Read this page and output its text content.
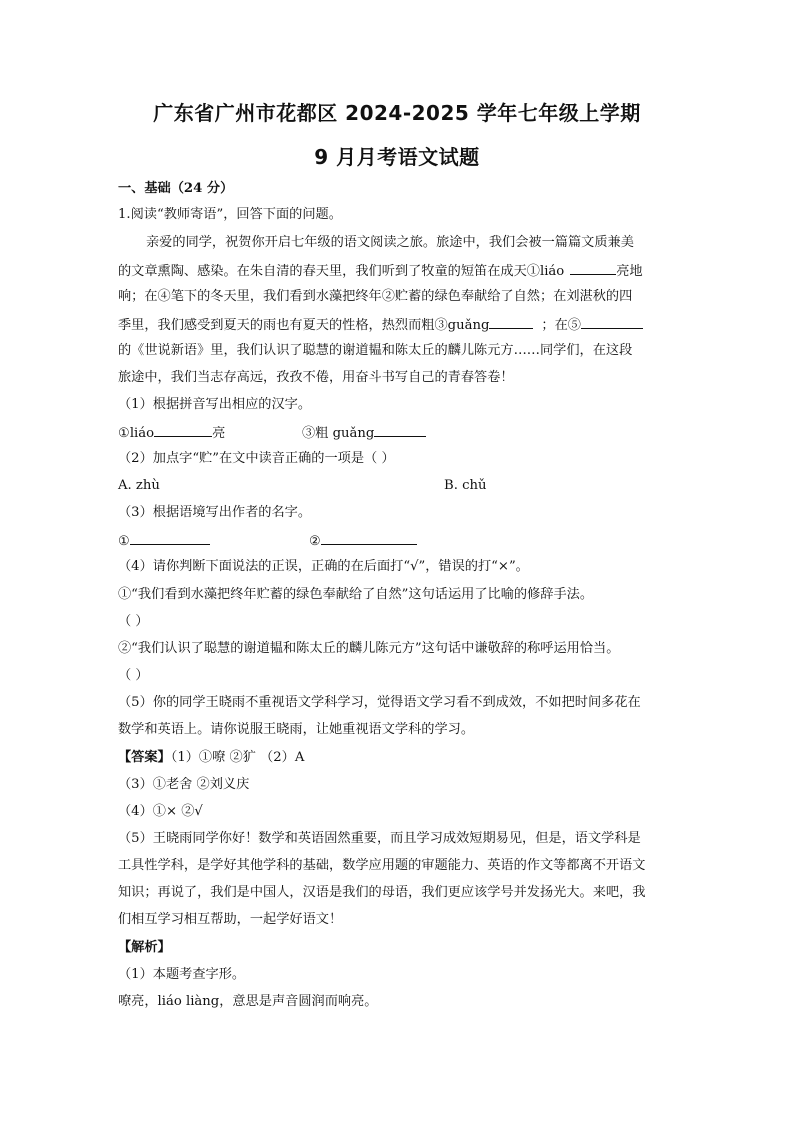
广东省广州市花都区 2024-2025 学年七年级上学期
9 月月考语文试题
一、基础（24 分）
1.阅读“教师寄语”，回答下面的问题。
亲爱的同学，祝贺你开启七年级的语文阅读之旅。旅途中，我们会被一篇篇文质兼美
的文章熏陶、感染。在朱自清的春天里，我们听到了牧童的短笛在成天①liáo	亮地
响；在④笔下的冬天里，我们看到水藻把终年②贮蓄的绿色奉献给了自然；在刘湛秋的四
季里，我们感受到夏天的雨也有夏天的性格，热烈而粗③guǎng	；在⑤
的《世说新语》里，我们认识了聪慧的谢道韫和陈太丘的麟儿陈元方……同学们，在这段
旅途中，我们当志存高远，孜孜不倦，用奋斗书写自己的青春答卷！
（1）根据拼音写出相应的汉字。
①liáo	亮	③粗 guǎng
（2）加点字“贮”在文中读音正确的一项是（ ）
A. zhù	B. chǔ
（3）根据语境写出作者的名字。
①	②
（4）请你判断下面说法的正误，正确的在后面打“√”，错误的打“×”。
①“我们看到水藻把终年贮蓄的绿色奉献给了自然”这句话运用了比喻的修辞手法。
（ ）
②“我们认识了聪慧的谢道韫和陈太丘的麟儿陈元方”这句话中谦敬辞的称呼运用恰当。
（ ）
（5）你的同学王晓雨不重视语文学科学习，觉得语文学习看不到成效，不如把时间多花在
数学和英语上。请你说服王晓雨，让她重视语文学科的学习。
【答案】（1）①嘹 ②犷 （2）A
（3）①老舍 ②刘义庆
（4）①× ②√
（5）王晓雨同学你好！数学和英语固然重要，而且学习成效短期易见，但是，语文学科是
工具性学科，是学好其他学科的基础，数学应用题的审题能力、英语的作文等都离不开语文
知识；再说了，我们是中国人，汉语是我们的母语，我们更应该学号并发扬光大。来吧，我
们相互学习相互帮助，一起学好语文！
【解析】
（1）本题考查字形。
嘹亮，liáo liàng，意思是声音圆润而响亮。
